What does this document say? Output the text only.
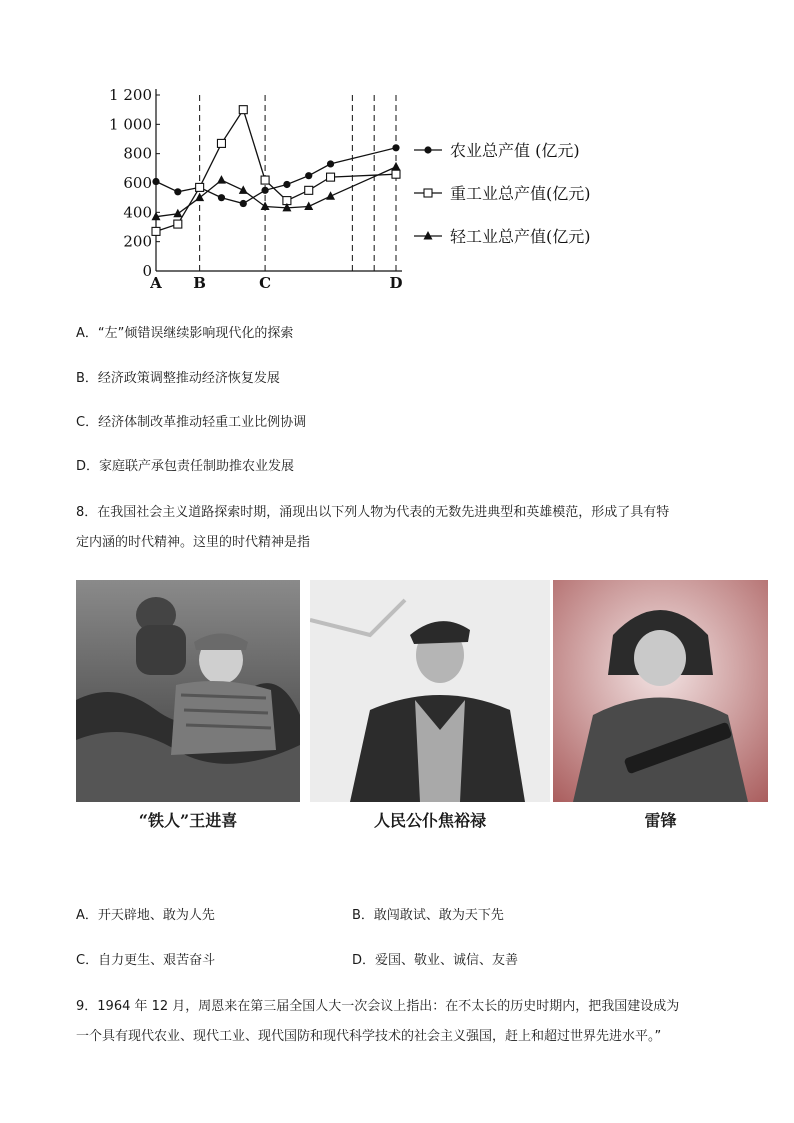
0
200
400
600
800
1 000
1 200
A B	C	D
农业总产值 (亿元)
重工业总产值(亿元)
轻工业总产值(亿元)
A．“左”倾错误继续影响现代化的探索
B．经济政策调整推动经济恢复发展
C．经济体制改革推动轻重工业比例协调
D．家庭联产承包责任制助推农业发展
8．在我国社会主义道路探索时期，涌现出以下列人物为代表的无数先进典型和英雄模范，形成了具有特
定内涵的时代精神。这里的时代精神是指
“铁人”王进喜	人民公仆焦裕禄	雷锋
A．开天辟地、敢为人先	B．敢闯敢试、敢为天下先
C．自力更生、艰苦奋斗	D．爱国、敬业、诚信、友善
9．1964 年 12 月，周恩来在第三届全国人大一次会议上指出：在不太长的历史时期内，把我国建设成为
一个具有现代农业、现代工业、现代国防和现代科学技术的社会主义强国，赶上和超过世界先进水平。”
